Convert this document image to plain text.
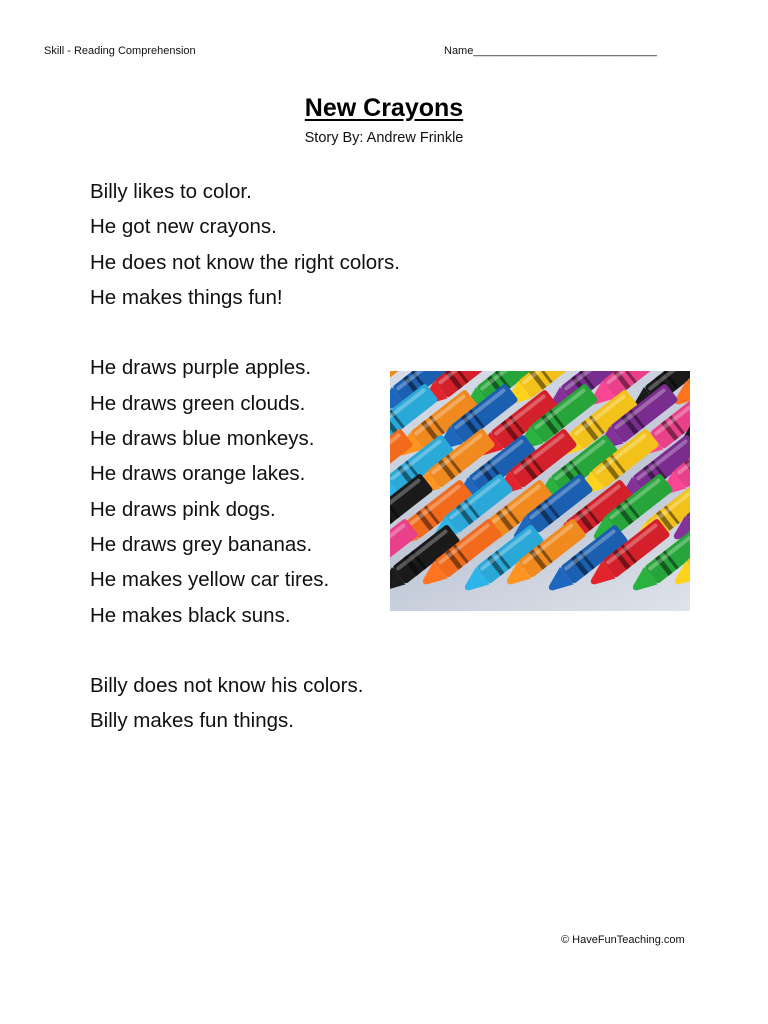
Skill - Reading Comprehension	Name______________________________
New Crayons
Story By: Andrew Frinkle
Billy likes to color.
He got new crayons.
He does not know the right colors.
He makes things fun!
He draws purple apples.
He draws green clouds.
He draws blue monkeys.
He draws orange lakes.
He draws pink dogs.
He draws grey bananas.
He makes yellow car tires.
He makes black suns.
Billy does not know his colors.
Billy makes fun things.
© HaveFunTeaching.com
